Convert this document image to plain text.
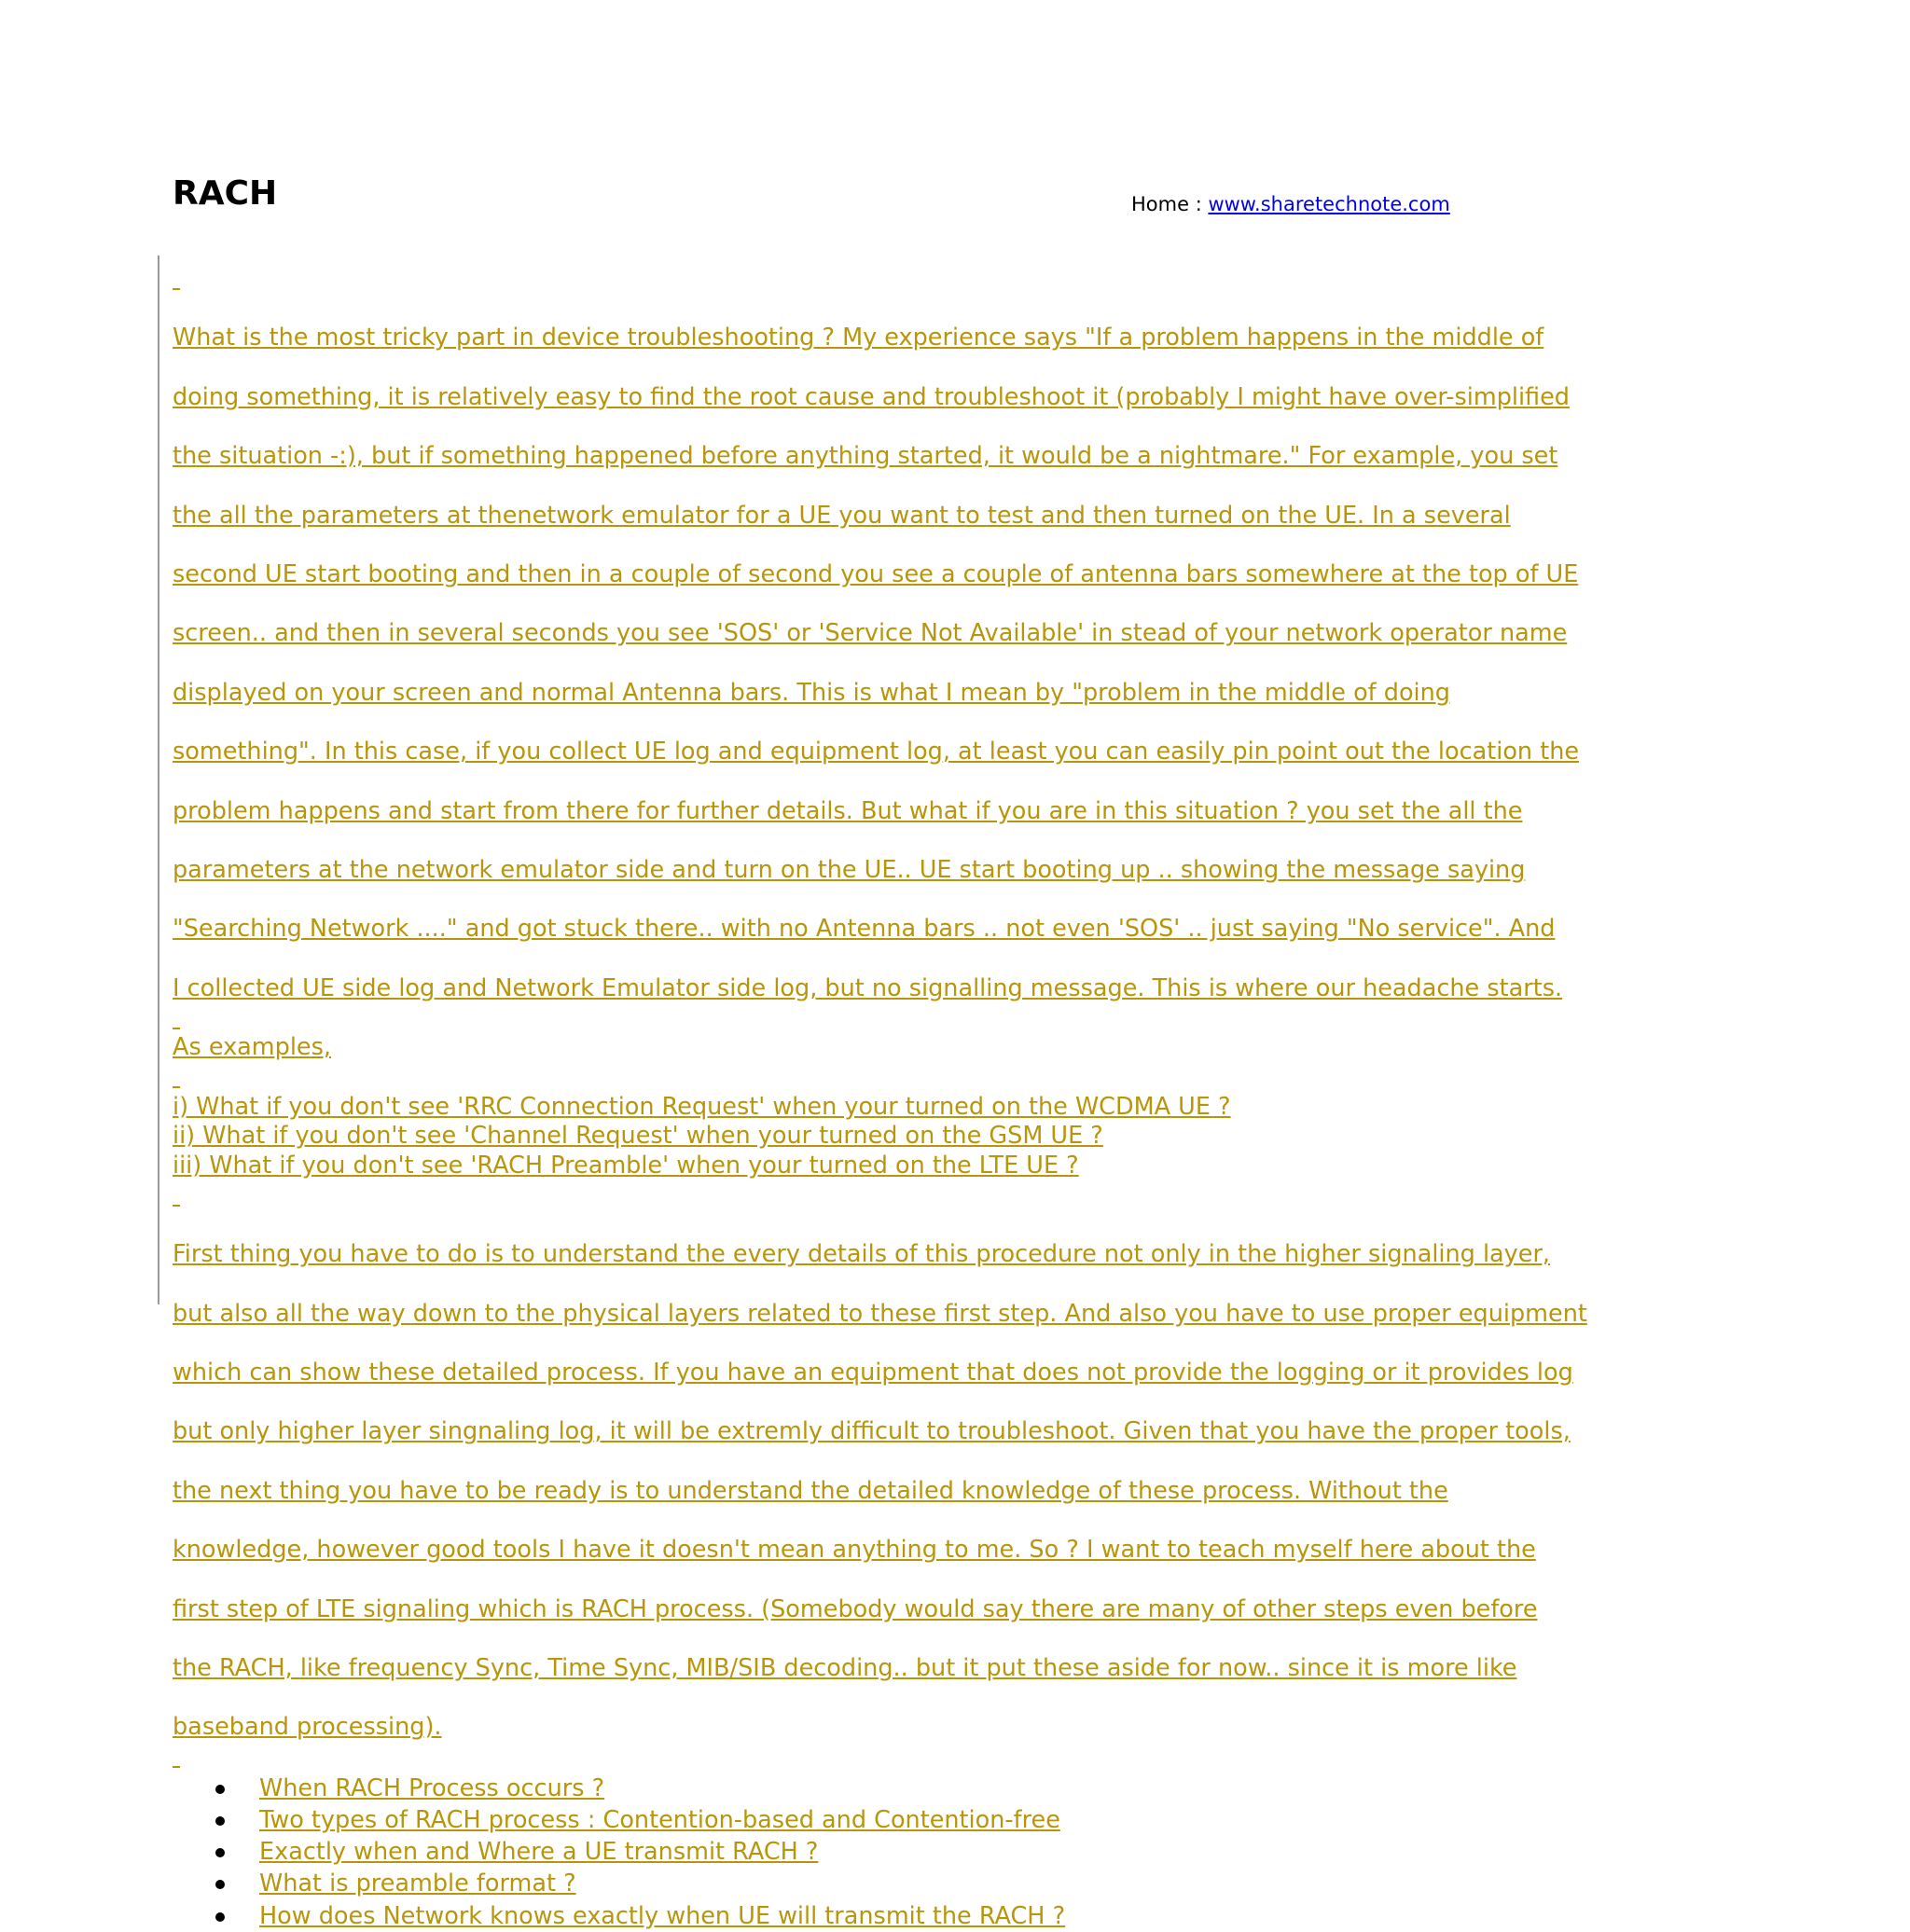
RACH	Home : www.sharetechnote.com

What is the most tricky part in device troubleshooting ? My experience says "If a problem happens in the middle of

doing something, it is relatively easy to find the root cause and troubleshoot it (probably I might have over-simplified

the situation -:), but if something happened before anything started, it would be a nightmare." For example, you set

the all the parameters at thenetwork emulator for a UE you want to test and then turned on the UE. In a several

second UE start booting and then in a couple of second you see a couple of antenna bars somewhere at the top of UE

screen.. and then in several seconds you see 'SOS' or 'Service Not Available' in stead of your network operator name

displayed on your screen and normal Antenna bars. This is what I mean by "problem in the middle of doing

something". In this case, if you collect UE log and equipment log, at least you can easily pin point out the location the

problem happens and start from there for further details. But what if you are in this situation ? you set the all the

parameters at the network emulator side and turn on the UE.. UE start booting up .. showing the message saying

"Searching Network ...." and got stuck there.. with no Antenna bars .. not even 'SOS' .. just saying "No service". And

I collected UE side log and Network Emulator side log, but no signalling message. This is where our headache starts.

As examples,

i) What if you don't see 'RRC Connection Request' when your turned on the WCDMA UE ?
ii) What if you don't see 'Channel Request' when your turned on the GSM UE ?
iii) What if you don't see 'RACH Preamble' when your turned on the LTE UE ?

First thing you have to do is to understand the every details of this procedure not only in the higher signaling layer,

but also all the way down to the physical layers related to these first step. And also you have to use proper equipment

which can show these detailed process. If you have an equipment that does not provide the logging or it provides log

but only higher layer singnaling log, it will be extremly difficult to troubleshoot. Given that you have the proper tools,

the next thing you have to be ready is to understand the detailed knowledge of these process. Without the

knowledge, however good tools I have it doesn't mean anything to me. So ? I want to teach myself here about the

first step of LTE signaling which is RACH process. (Somebody would say there are many of other steps even before

the RACH, like frequency Sync, Time Sync, MIB/SIB decoding.. but it put these aside for now.. since it is more like

baseband processing).

When RACH Process occurs ?
Two types of RACH process : Contention-based and Contention-free
Exactly when and Where a UE transmit RACH ?
What is preamble format ?
How does Network knows exactly when UE will transmit the RACH ?
